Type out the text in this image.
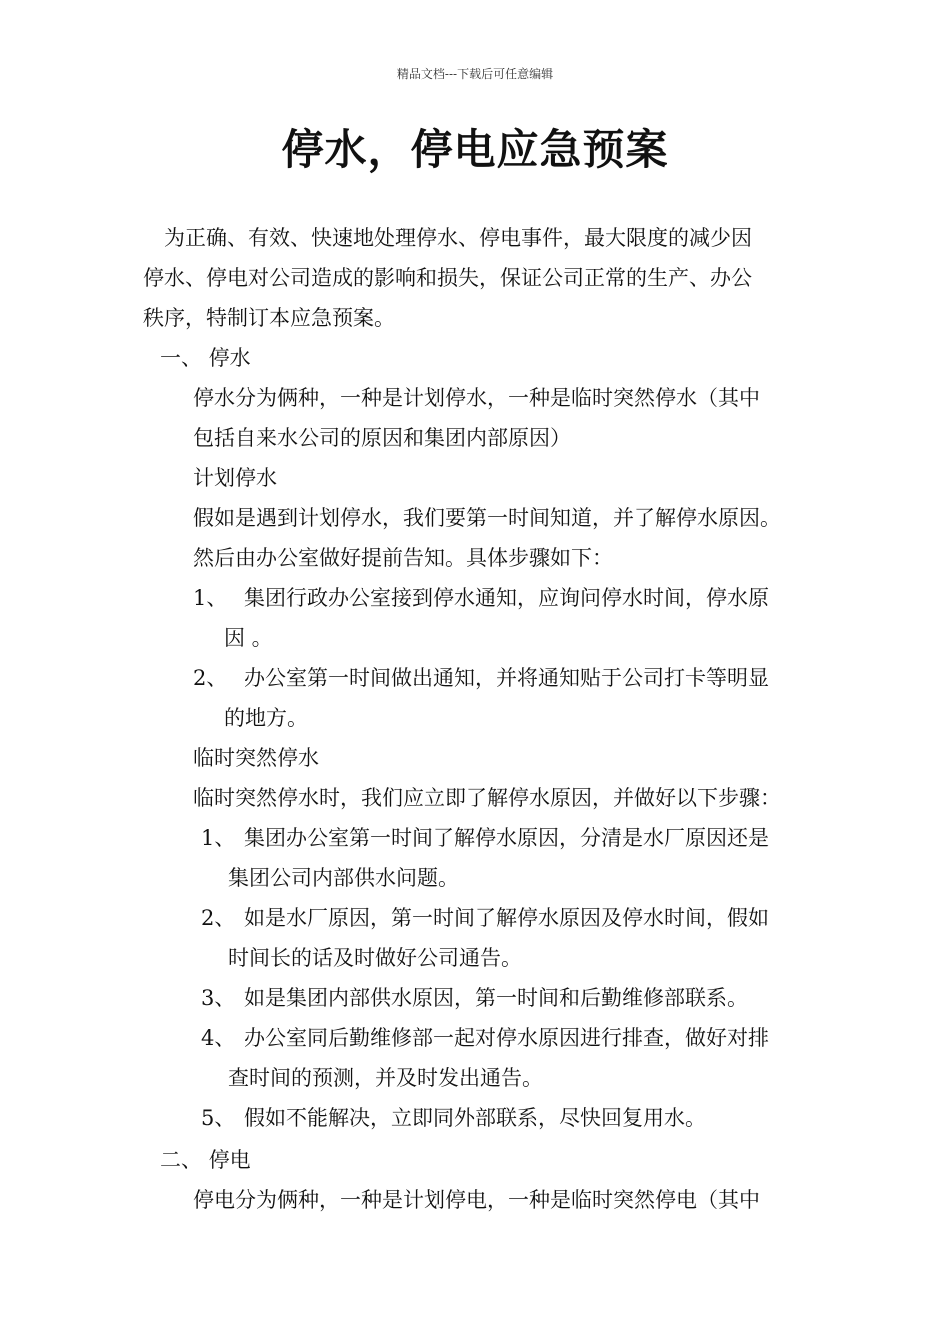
精品文档---下载后可任意编辑
停水，停电应急预案
为正确、有效、快速地处理停水、停电事件，最大限度的减少因
停水、停电对公司造成的影响和损失，保证公司正常的生产、办公
秩序，特制订本应急预案。
一、 停水
停水分为俩种，一种是计划停水，一种是临时突然停水（其中
包括自来水公司的原因和集团内部原因）
计划停水
假如是遇到计划停水，我们要第一时间知道，并了解停水原因。
然后由办公室做好提前告知。具体步骤如下：
1、 集团行政办公室接到停水通知，应询问停水时间，停水原
因 。
2、 办公室第一时间做出通知，并将通知贴于公司打卡等明显
的地方。
临时突然停水
临时突然停水时，我们应立即了解停水原因，并做好以下步骤：
1、 集团办公室第一时间了解停水原因，分清是水厂原因还是
集团公司内部供水问题。
2、 如是水厂原因，第一时间了解停水原因及停水时间，假如
时间长的话及时做好公司通告。
3、 如是集团内部供水原因，第一时间和后勤维修部联系。
4、 办公室同后勤维修部一起对停水原因进行排查，做好对排
查时间的预测，并及时发出通告。
5、 假如不能解决，立即同外部联系，尽快回复用水。
二、 停电
停电分为俩种，一种是计划停电，一种是临时突然停电（其中
